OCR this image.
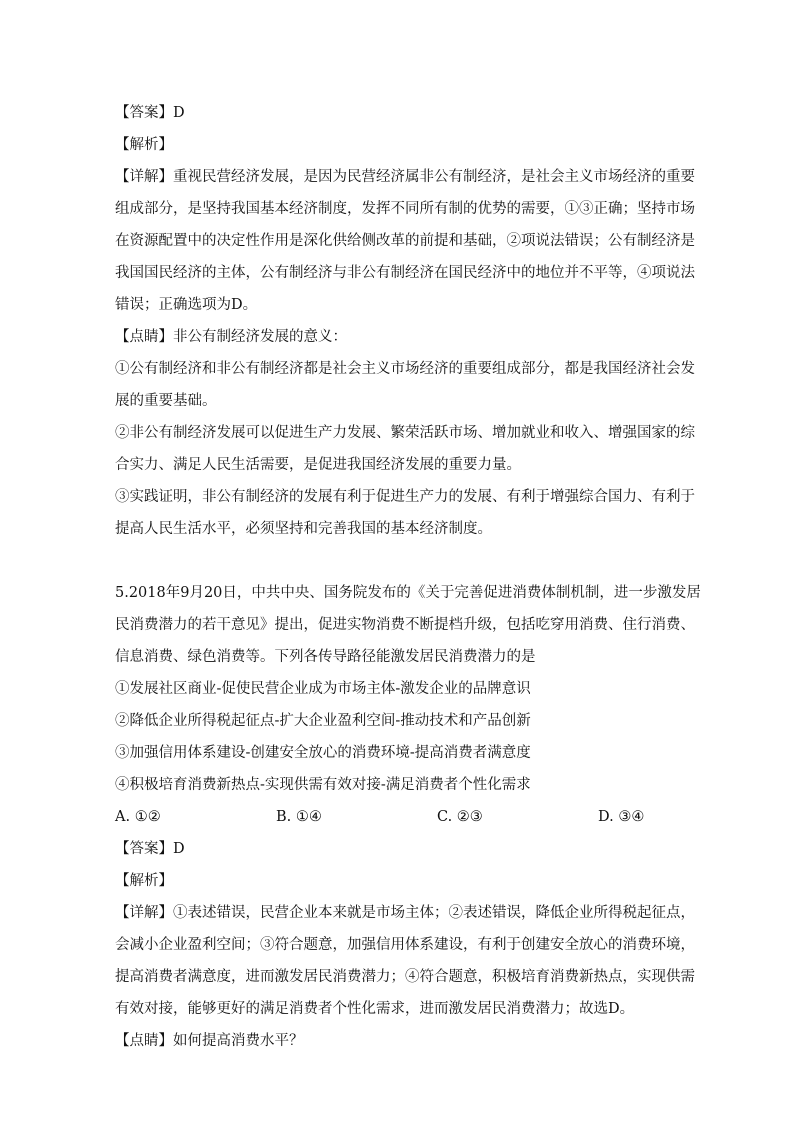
【答案】D
【解析】
【详解】重视民营经济发展，是因为民营经济属非公有制经济，是社会主义市场经济的重要
组成部分，是坚持我国基本经济制度，发挥不同所有制的优势的需要，①③正确；坚持市场
在资源配置中的决定性作用是深化供给侧改革的前提和基础，②项说法错误；公有制经济是
我国国民经济的主体，公有制经济与非公有制经济在国民经济中的地位并不平等，④项说法
错误；正确选项为D。
【点睛】非公有制经济发展的意义：
①公有制经济和非公有制经济都是社会主义市场经济的重要组成部分，都是我国经济社会发
展的重要基础。
②非公有制经济发展可以促进生产力发展、繁荣活跃市场、增加就业和收入、增强国家的综
合实力、满足人民生活需要，是促进我国经济发展的重要力量。
③实践证明，非公有制经济的发展有利于促进生产力的发展、有利于增强综合国力、有利于
提高人民生活水平，必须坚持和完善我国的基本经济制度。
5.2018年9月20日，中共中央、国务院发布的《关于完善促进消费体制机制，进一步激发居
民消费潜力的若干意见》提出，促进实物消费不断提档升级，包括吃穿用消费、住行消费、
信息消费、绿色消费等。下列各传导路径能激发居民消费潜力的是
①发展社区商业-促使民营企业成为市场主体-激发企业的品牌意识
②降低企业所得税起征点-扩大企业盈利空间-推动技术和产品创新
③加强信用体系建设-创建安全放心的消费环境-提高消费者满意度
④积极培育消费新热点-实现供需有效对接-满足消费者个性化需求
A. ①②	B. ①④	C. ②③	D. ③④
【答案】D
【解析】
【详解】①表述错误，民营企业本来就是市场主体；②表述错误，降低企业所得税起征点，
会减小企业盈利空间；③符合题意，加强信用体系建设，有利于创建安全放心的消费环境，
提高消费者满意度，进而激发居民消费潜力；④符合题意，积极培育消费新热点，实现供需
有效对接，能够更好的满足消费者个性化需求，进而激发居民消费潜力；故选D。
【点睛】如何提高消费水平？
